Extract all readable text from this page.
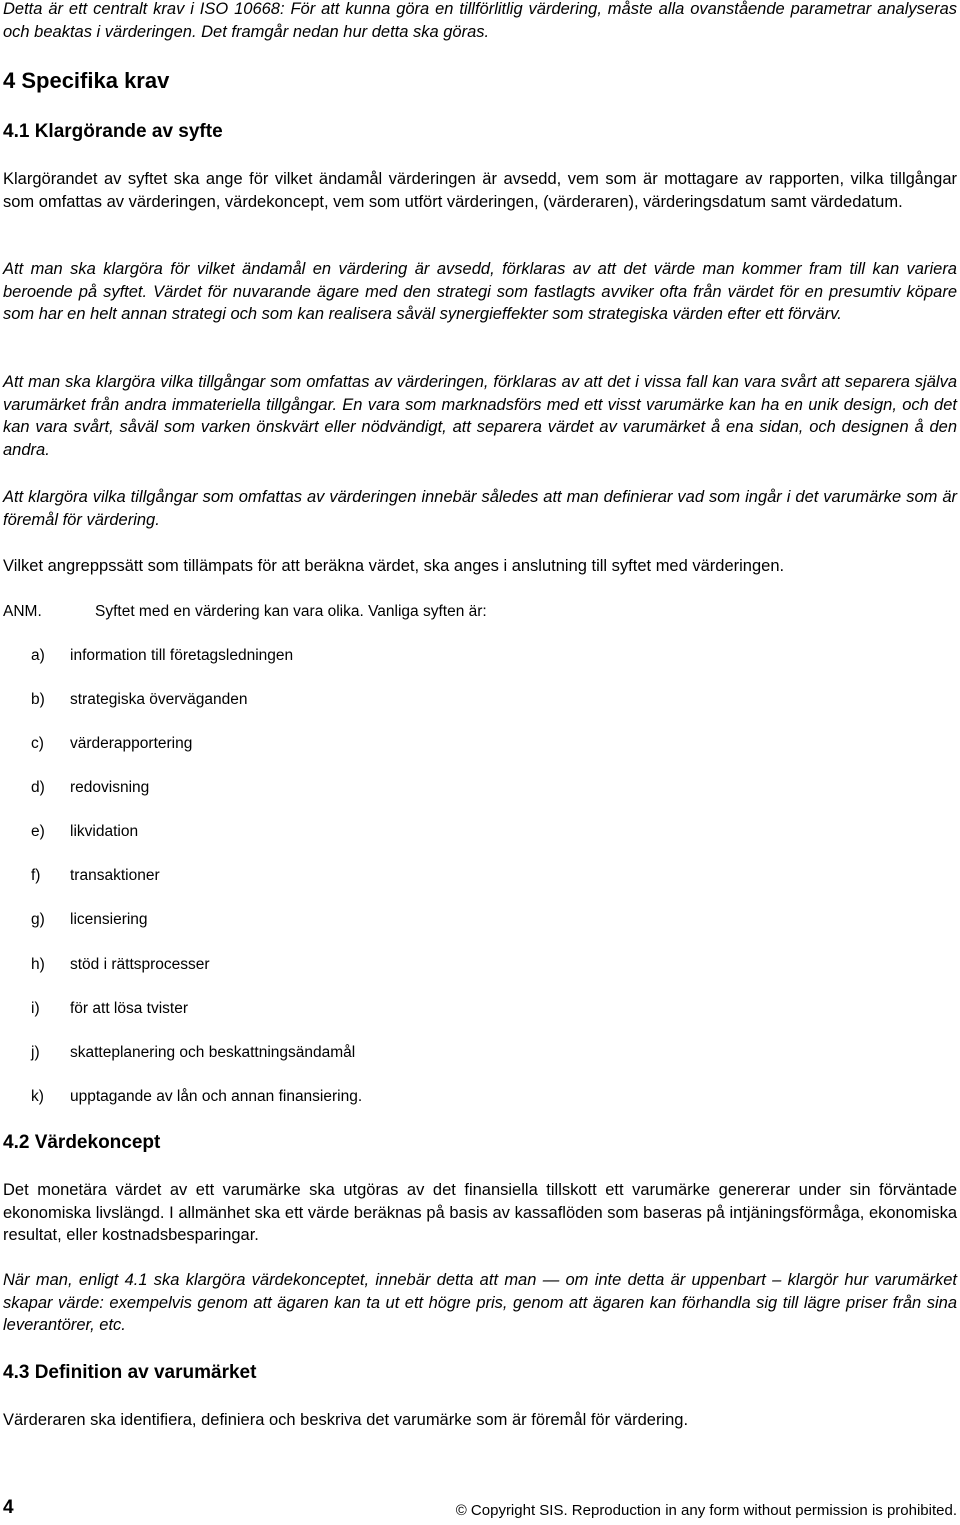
Detta är ett centralt krav i ISO 10668: För att kunna göra en tillförlitlig värdering, måste alla ovanstående parametrar analyseras och beaktas i värderingen. Det framgår nedan hur detta ska göras.

4 Specifika krav
4.1 Klargörande av syfte

Klargörandet av syftet ska ange för vilket ändamål värderingen är avsedd, vem som är mottagare av rapporten, vilka tillgångar som omfattas av värderingen, värdekoncept, vem som utfört värderingen, (värderaren), värderingsdatum samt värdedatum.

Att man ska klargöra för vilket ändamål en värdering är avsedd, förklaras av att det värde man kommer fram till kan variera beroende på syftet. Värdet för nuvarande ägare med den strategi som fastlagts avviker ofta från värdet för en presumtiv köpare som har en helt annan strategi och som kan realisera såväl synergieffekter som strategiska värden efter ett förvärv.

Att man ska klargöra vilka tillgångar som omfattas av värderingen, förklaras av att det i vissa fall kan vara svårt att separera själva varumärket från andra immateriella tillgångar. En vara som marknadsförs med ett visst varumärke kan ha en unik design, och det kan vara svårt, såväl som varken önskvärt eller nödvändigt, att separera värdet av varumärket å ena sidan, och designen å den andra.

Att klargöra vilka tillgångar som omfattas av värderingen innebär således att man definierar vad som ingår i det varumärke som är föremål för värdering.

Vilket angreppssätt som tillämpats för att beräkna värdet, ska anges i anslutning till syftet med värderingen.

ANM.	Syftet med en värdering kan vara olika. Vanliga syften är:
a) information till företagsledningen
b) strategiska överväganden
c) värderapportering
d) redovisning
e) likvidation
f) transaktioner
g) licensiering
h) stöd i rättsprocesser
i) för att lösa tvister
j) skatteplanering och beskattningsändamål
k) upptagande av lån och annan finansiering.
4.2 Värdekoncept

Det monetära värdet av ett varumärke ska utgöras av det finansiella tillskott ett varumärke genererar under sin förväntade ekonomiska livslängd. I allmänhet ska ett värde beräknas på basis av kassaflöden som baseras på intjäningsförmåga, ekonomiska resultat, eller kostnadsbesparingar.

När man, enligt 4.1 ska klargöra värdekonceptet, innebär detta att man — om inte detta är uppenbart – klargör hur varumärket skapar värde: exempelvis genom att ägaren kan ta ut ett högre pris, genom att ägaren kan förhandla sig till lägre priser från sina leverantörer, etc.

4.3 Definition av varumärket

Värderaren ska identifiera, definiera och beskriva det varumärke som är föremål för värdering.

4	© Copyright SIS. Reproduction in any form without permission is prohibited.
